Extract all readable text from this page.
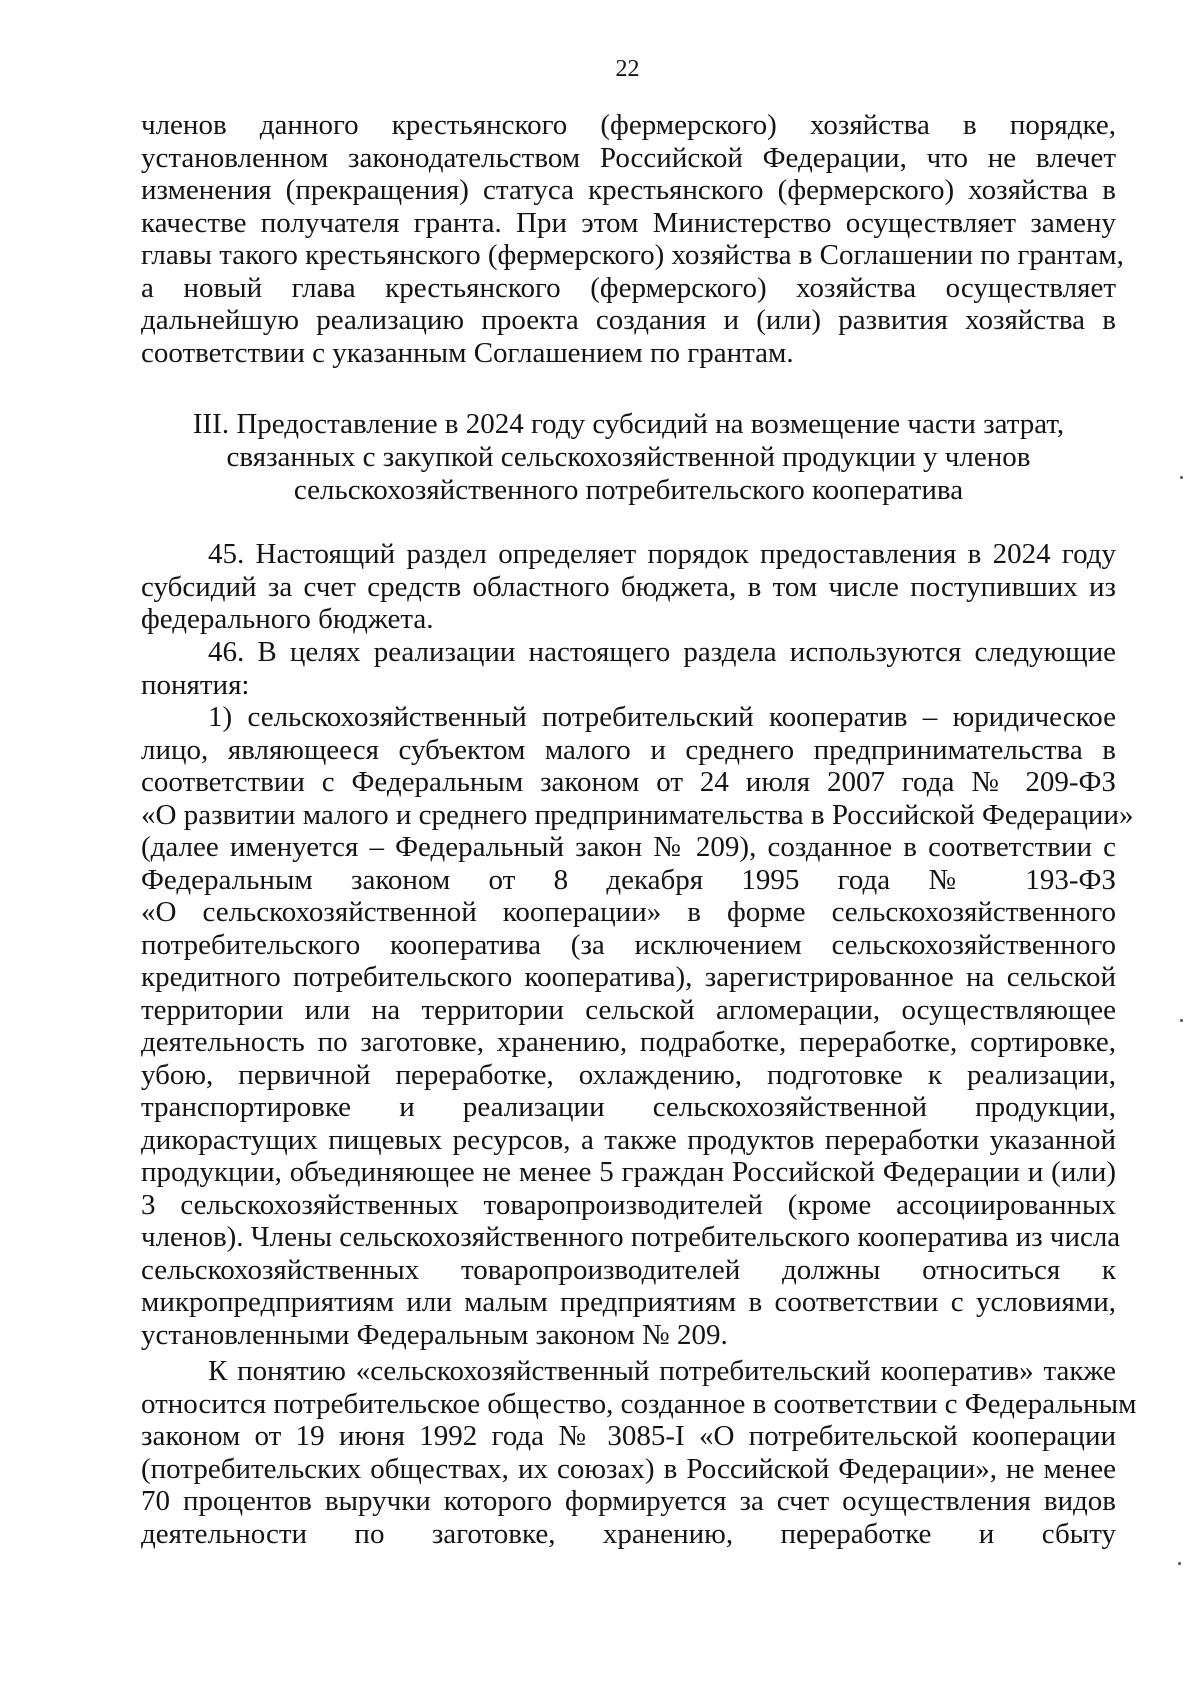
22
членов данного крестьянского (фермерского) хозяйства в порядке,
установленном законодательством Российской Федерации, что не влечет
изменения (прекращения) статуса крестьянского (фермерского) хозяйства в
качестве получателя гранта. При этом Министерство осуществляет замену
главы такого крестьянского (фермерского) хозяйства в Соглашении по грантам,
а новый глава крестьянского (фермерского) хозяйства осуществляет
дальнейшую реализацию проекта создания и (или) развития хозяйства в
соответствии с указанным Соглашением по грантам.
III. Предоставление в 2024 году субсидий на возмещение части затрат,
связанных с закупкой сельскохозяйственной продукции у членов
сельскохозяйственного потребительского кооператива
45. Настоящий раздел определяет порядок предоставления в 2024 году
субсидий за счет средств областного бюджета, в том числе поступивших из
федерального бюджета.
46. В целях реализации настоящего раздела используются следующие
понятия:
1) сельскохозяйственный потребительский кооператив – юридическое
лицо, являющееся субъектом малого и среднего предпринимательства в
соответствии с Федеральным законом от 24 июля 2007 года № 209-ФЗ
«О развитии малого и среднего предпринимательства в Российской Федерации»
(далее именуется – Федеральный закон № 209), созданное в соответствии с
Федеральным законом от 8 декабря 1995 года № 193-ФЗ
«О сельскохозяйственной кооперации» в форме сельскохозяйственного
потребительского кооператива (за исключением сельскохозяйственного
кредитного потребительского кооператива), зарегистрированное на сельской
территории или на территории сельской агломерации, осуществляющее
деятельность по заготовке, хранению, подработке, переработке, сортировке,
убою, первичной переработке, охлаждению, подготовке к реализации,
транспортировке и реализации сельскохозяйственной продукции,
дикорастущих пищевых ресурсов, а также продуктов переработки указанной
продукции, объединяющее не менее 5 граждан Российской Федерации и (или)
3 сельскохозяйственных товаропроизводителей (кроме ассоциированных
членов). Члены сельскохозяйственного потребительского кооператива из числа
сельскохозяйственных товаропроизводителей должны относиться к
микропредприятиям или малым предприятиям в соответствии с условиями,
установленными Федеральным законом № 209.
К понятию «сельскохозяйственный потребительский кооператив» также
относится потребительское общество, созданное в соответствии с Федеральным
законом от 19 июня 1992 года № 3085-I «О потребительской кооперации
(потребительских обществах, их союзах) в Российской Федерации», не менее
70 процентов выручки которого формируется за счет осуществления видов
деятельности по заготовке, хранению, переработке и сбыту
